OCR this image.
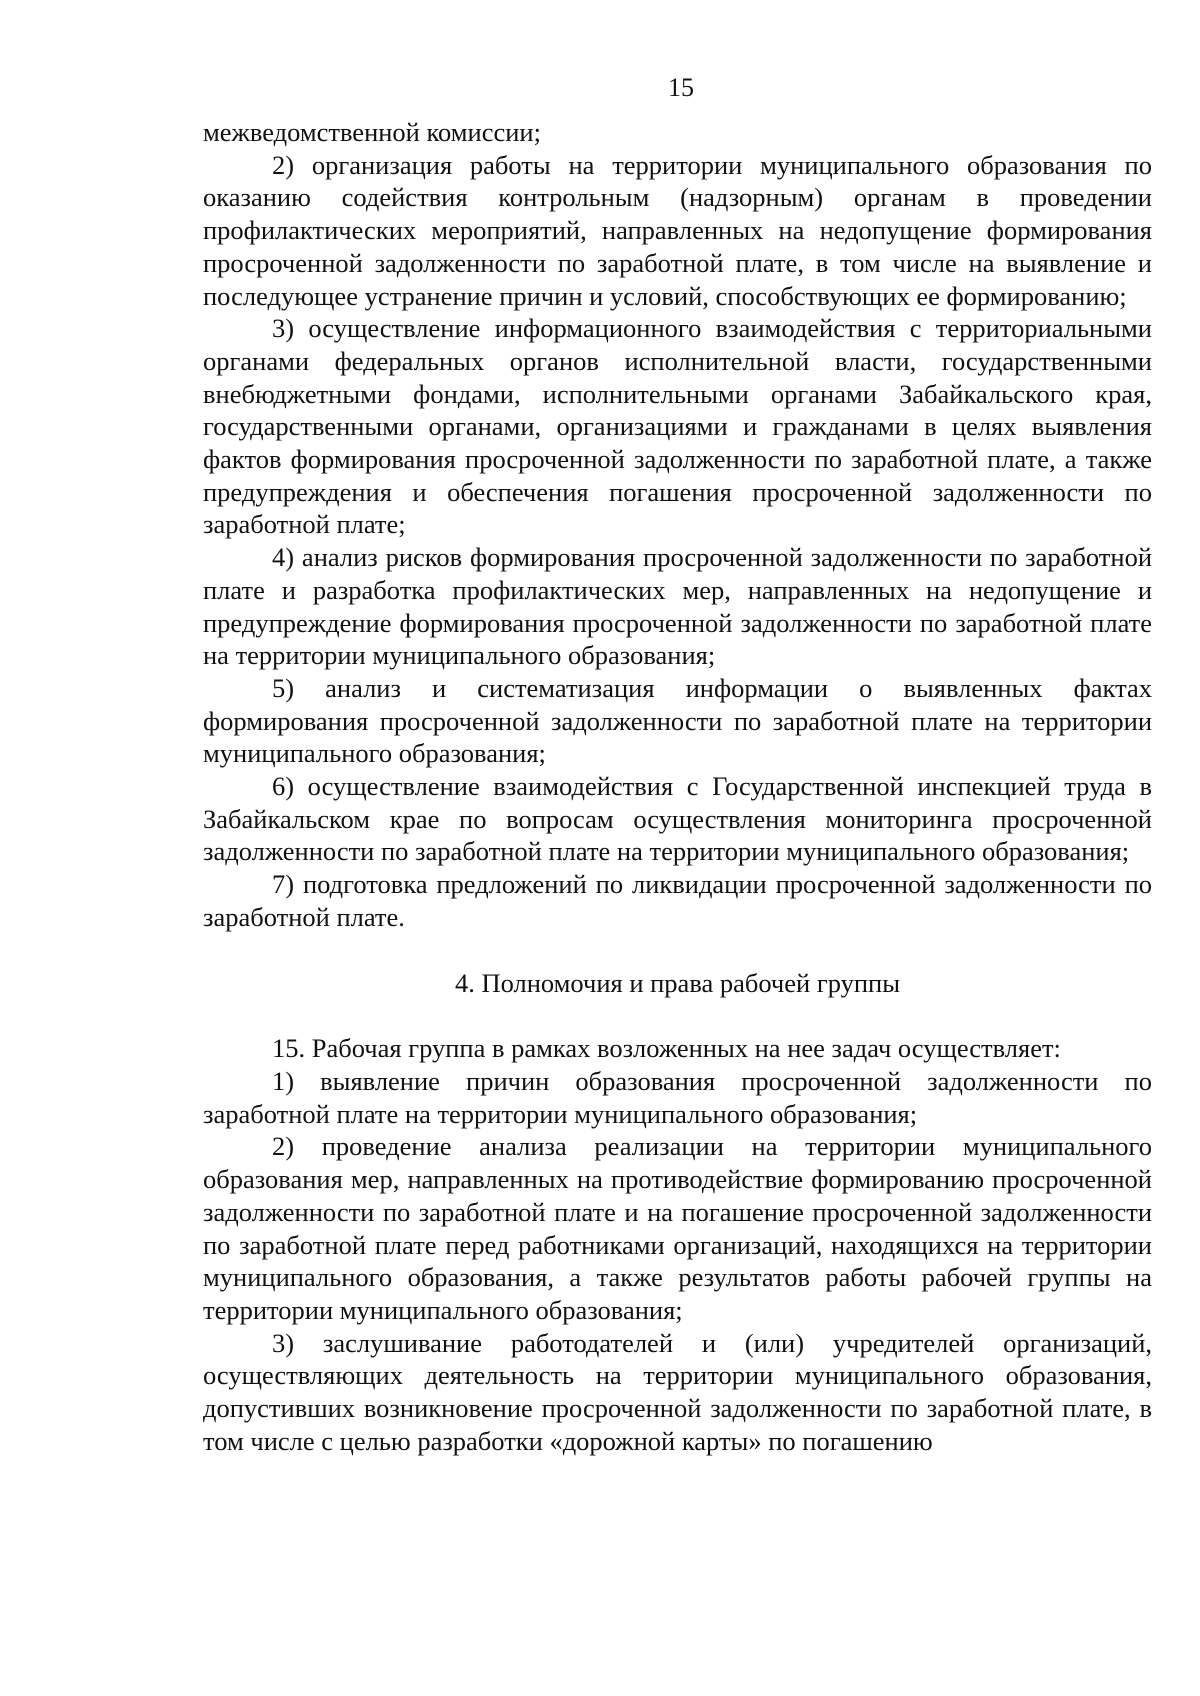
15

межведомственной комиссии;

2) организация работы на территории муниципального образования по оказанию содействия контрольным (надзорным) органам в проведении профилактических мероприятий, направленных на недопущение формирования просроченной задолженности по заработной плате, в том числе на выявление и последующее устранение причин и условий, способствующих ее формированию;

3) осуществление информационного взаимодействия с территориальными органами федеральных органов исполнительной власти, государственными внебюджетными фондами, исполнительными органами Забайкальского края, государственными органами, организациями и гражданами в целях выявления фактов формирования просроченной задолженности по заработной плате, а также предупреждения и обеспечения погашения просроченной задолженности по заработной плате;

4) анализ рисков формирования просроченной задолженности по заработной плате и разработка профилактических мер, направленных на недопущение и предупреждение формирования просроченной задолженности по заработной плате на территории муниципального образования;

5) анализ и систематизация информации о выявленных фактах формирования просроченной задолженности по заработной плате на территории муниципального образования;

6) осуществление взаимодействия с Государственной инспекцией труда в Забайкальском крае по вопросам осуществления мониторинга просроченной задолженности по заработной плате на территории муниципального образования;

7) подготовка предложений по ликвидации просроченной задолженности по заработной плате.

4. Полномочия и права рабочей группы

15. Рабочая группа в рамках возложенных на нее задач осуществляет:

1) выявление причин образования просроченной задолженности по заработной плате на территории муниципального образования;

2) проведение анализа реализации на территории муниципального образования мер, направленных на противодействие формированию просроченной задолженности по заработной плате и на погашение просроченной задолженности по заработной плате перед работниками организаций, находящихся на территории муниципального образования, а также результатов работы рабочей группы на территории муниципального образования;

3) заслушивание работодателей и (или) учредителей организаций, осуществляющих деятельность на территории муниципального образования, допустивших возникновение просроченной задолженности по заработной плате, в том числе с целью разработки «дорожной карты» по погашению
